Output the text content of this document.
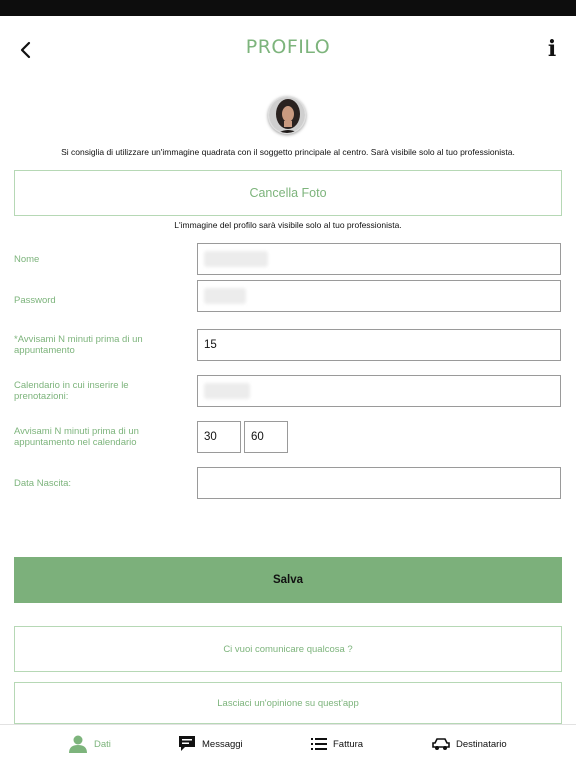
PROFILO	i
Si consiglia di utilizzare un'immagine quadrata con il soggetto principale al centro. Sarà visibile solo al tuo professionista.
Cancella Foto
L'immagine del profilo sarà visibile solo al tuo professionista.
Nome
Password
*Avvisami N minuti prima di un appuntamento	15
Calendario in cui inserire le prenotazioni:
Avvisami N minuti prima di un appuntamento nel calendario	30	60
Data Nascita:
Salva
Ci vuoi comunicare qualcosa ?
Lasciaci un'opinione su quest'app
Dati	Messaggi	Fattura	Destinatario
